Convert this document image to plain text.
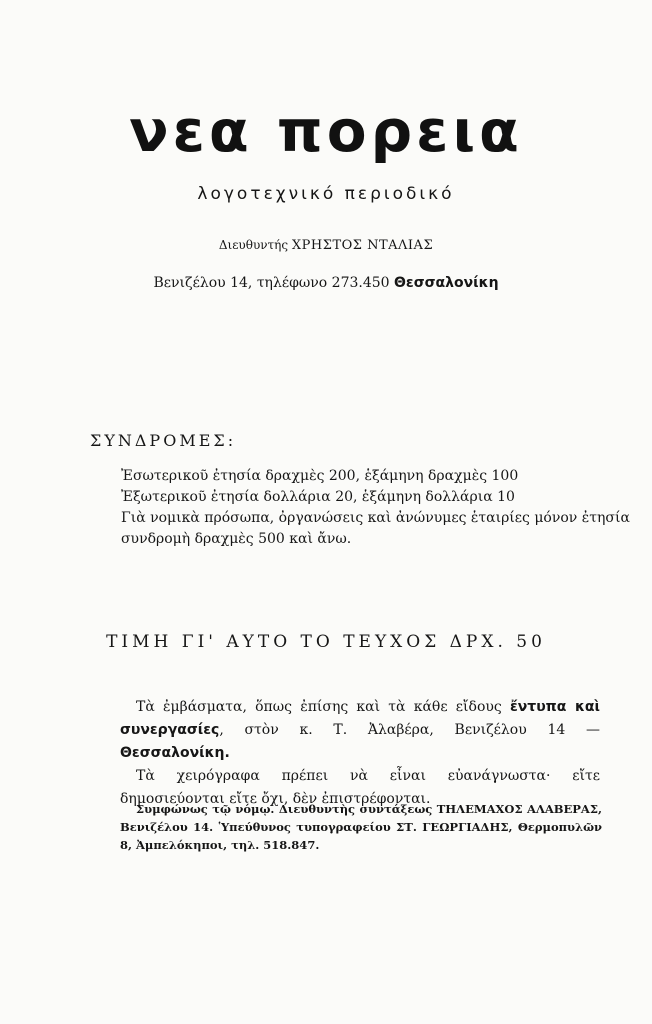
νεα πορεια
λογοτεχνικό περιοδικό
Διευθυντής ΧΡΗΣΤΟΣ ΝΤΑΛΙΑΣ
Βενιζέλου 14, τηλέφωνο 273.450 Θεσσαλονίκη
ΣΥΝΔΡΟΜΕΣ:
Ἐσωτερικοῦ ἐτησία δραχμὲς 200, ἑξάμηνη δραχμὲς 100
Ἐξωτερικοῦ ἐτησία δολλάρια 20, ἑξάμηνη δολλάρια 10
Γιὰ νομικὰ πρόσωπα, ὀργανώσεις καὶ ἀνώνυμες ἑταιρίες μόνον ἐτησία
συνδρομὴ δραχμὲς 500 καὶ ἄνω.
ΤΙΜΗ ΓΙ' ΑΥΤΟ ΤΟ ΤΕΥΧΟΣ ΔΡΧ. 50

Τὰ ἐμβάσματα, ὅπως ἐπίσης καὶ τὰ κάθε εἴδους ἔντυπα καὶ συνεργασίες, στὸν κ. Τ. Ἀλαβέρα, Βενιζέλου 14 — Θεσσαλονίκη.

Τὰ χειρόγραφα πρέπει νὰ εἶναι εὐανάγνωστα· εἴτε δημοσιεύονται εἴτε ὄχι, δὲν ἐπιστρέφονται.

Συμφώνως τῷ νόμῳ. Διευθυντὴς συντάξεως ΤΗΛΕΜΑΧΟΣ ΑΛΑΒΕΡΑΣ, Βενιζέλου 14. Ὑπεύθυνος τυπογραφείου ΣΤ. ΓΕΩΡΓΙΑΔΗΣ, Θερμοπυλῶν 8, Ἀμπελόκηποι, τηλ. 518.847.
